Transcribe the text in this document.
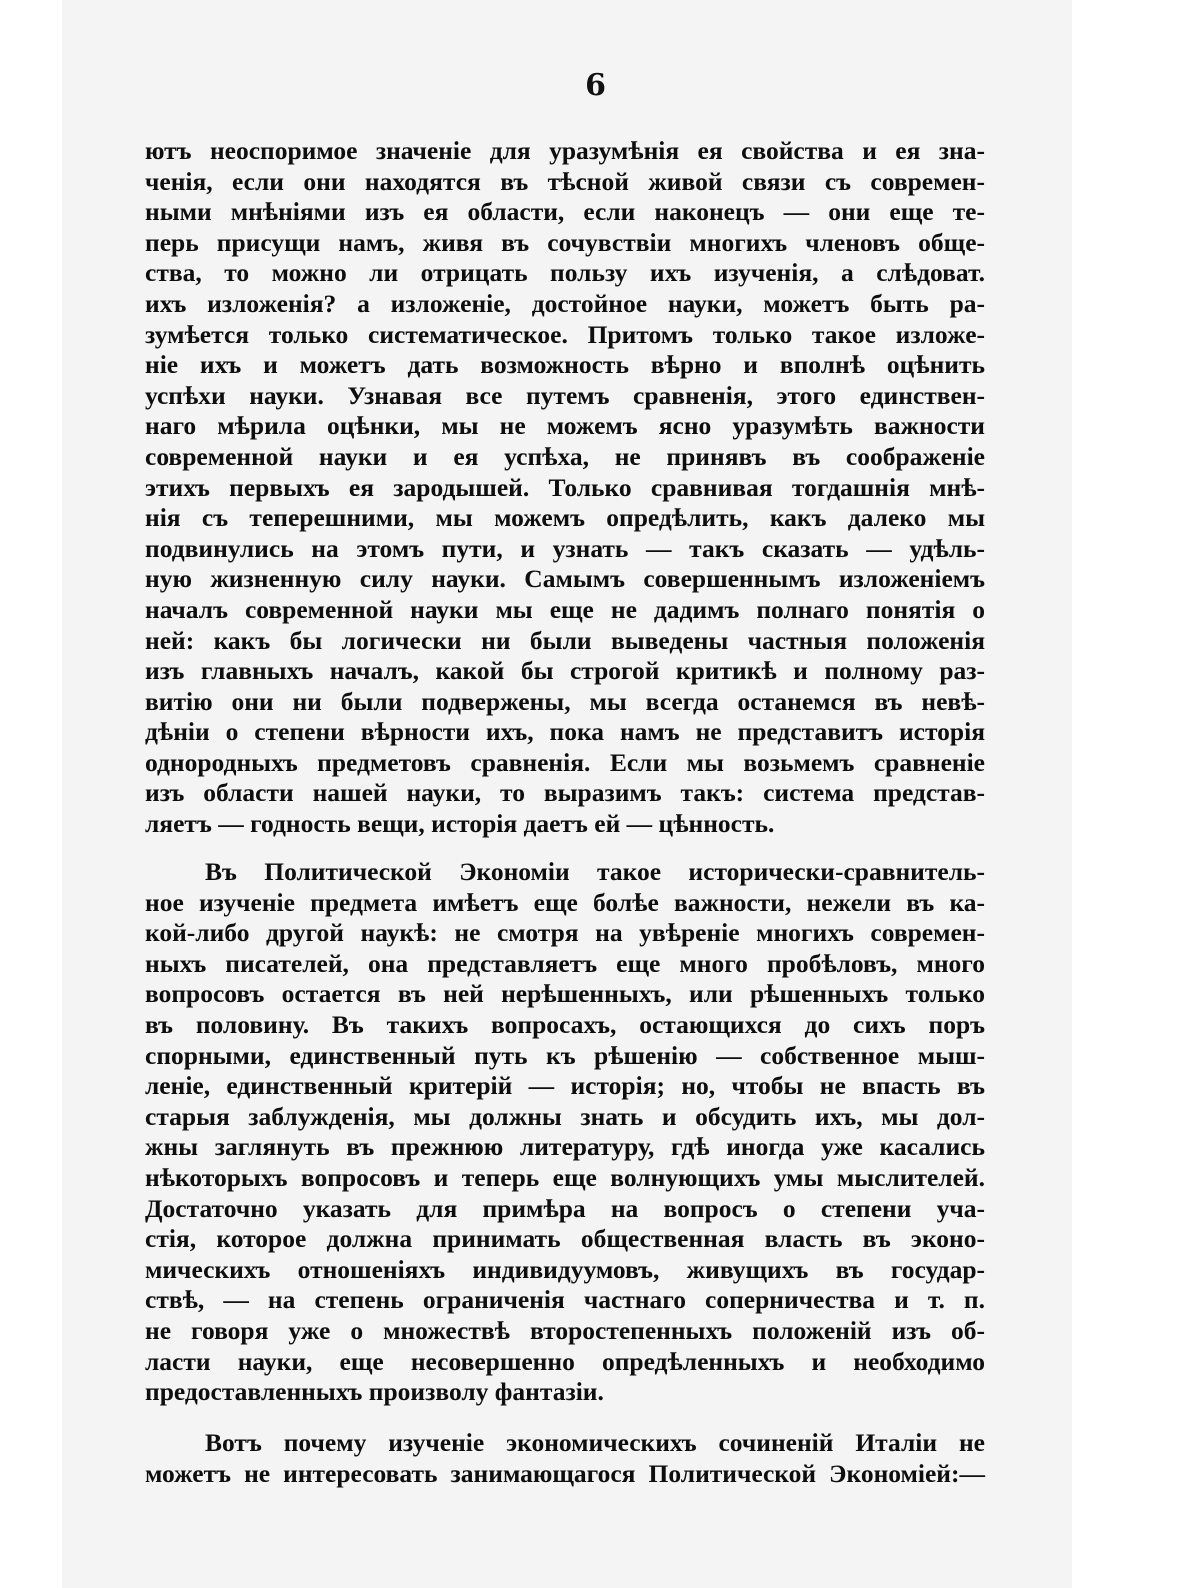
6
ютъ неоспоримое значеніе для уразумѣнія ея свойства и ея зна-
ченія, если они находятся въ тѣсной живой связи съ современ-
ными мнѣніями изъ ея области, если наконецъ — они еще те-
перь присущи намъ, живя въ сочувствіи многихъ членовъ обще-
ства, то можно ли отрицать пользу ихъ изученія, а слѣдоват.
ихъ изложенія? а изложеніе, достойное науки, можетъ быть ра-
зумѣется только систематическое. Притомъ только такое изложе-
ніе ихъ и можетъ дать возможность вѣрно и вполнѣ оцѣнить
успѣхи науки. Узнавая все путемъ сравненія, этого единствен-
наго мѣрила оцѣнки, мы не можемъ ясно уразумѣть важности
современной науки и ея успѣха, не принявъ въ соображеніе
этихъ первыхъ ея зародышей. Только сравнивая тогдашнія мнѣ-
нія съ теперешними, мы можемъ опредѣлить, какъ далеко мы
подвинулись на этомъ пути, и узнать — такъ сказать — удѣль-
ную жизненную силу науки. Самымъ совершеннымъ изложеніемъ
началъ современной науки мы еще не дадимъ полнаго понятія о
ней: какъ бы логически ни были выведены частныя положенія
изъ главныхъ началъ, какой бы строгой критикѣ и полному раз-
витію они ни были подвержены, мы всегда останемся въ невѣ-
дѣніи о степени вѣрности ихъ, пока намъ не представитъ исторія
однородныхъ предметовъ сравненія. Если мы возьмемъ сравненіе
изъ области нашей науки, то выразимъ такъ: система представ-
ляетъ — годность вещи, исторія даетъ ей — цѣнность.
Въ Политической Экономіи такое исторически-сравнитель-
ное изученіе предмета имѣетъ еще болѣе важности, нежели въ ка-
кой-либо другой наукѣ: не смотря на увѣреніе многихъ современ-
ныхъ писателей, она представляетъ еще много пробѣловъ, много
вопросовъ остается въ ней нерѣшенныхъ, или рѣшенныхъ только
въ половину. Въ такихъ вопросахъ, остающихся до сихъ поръ
спорными, единственный путь къ рѣшенію — собственное мыш-
леніе, единственный критерій — исторія; но, чтобы не впасть въ
старыя заблужденія, мы должны знать и обсудить ихъ, мы дол-
жны заглянуть въ прежнюю литературу, гдѣ иногда уже касались
нѣкоторыхъ вопросовъ и теперь еще волнующихъ умы мыслителей.
Достаточно указать для примѣра на вопросъ о степени уча-
стія, которое должна принимать общественная власть въ эконо-
мическихъ отношеніяхъ индивидуумовъ, живущихъ въ государ-
ствѣ, — на степень ограниченія частнаго соперничества и т. п.
не говоря уже о множествѣ второстепенныхъ положеній изъ об-
ласти науки, еще несовершенно опредѣленныхъ и необходимо
предоставленныхъ произволу фантазіи.
Вотъ почему изученіе экономическихъ сочиненій Италіи не
можетъ не интересовать занимающагося Политической Экономіей:—
